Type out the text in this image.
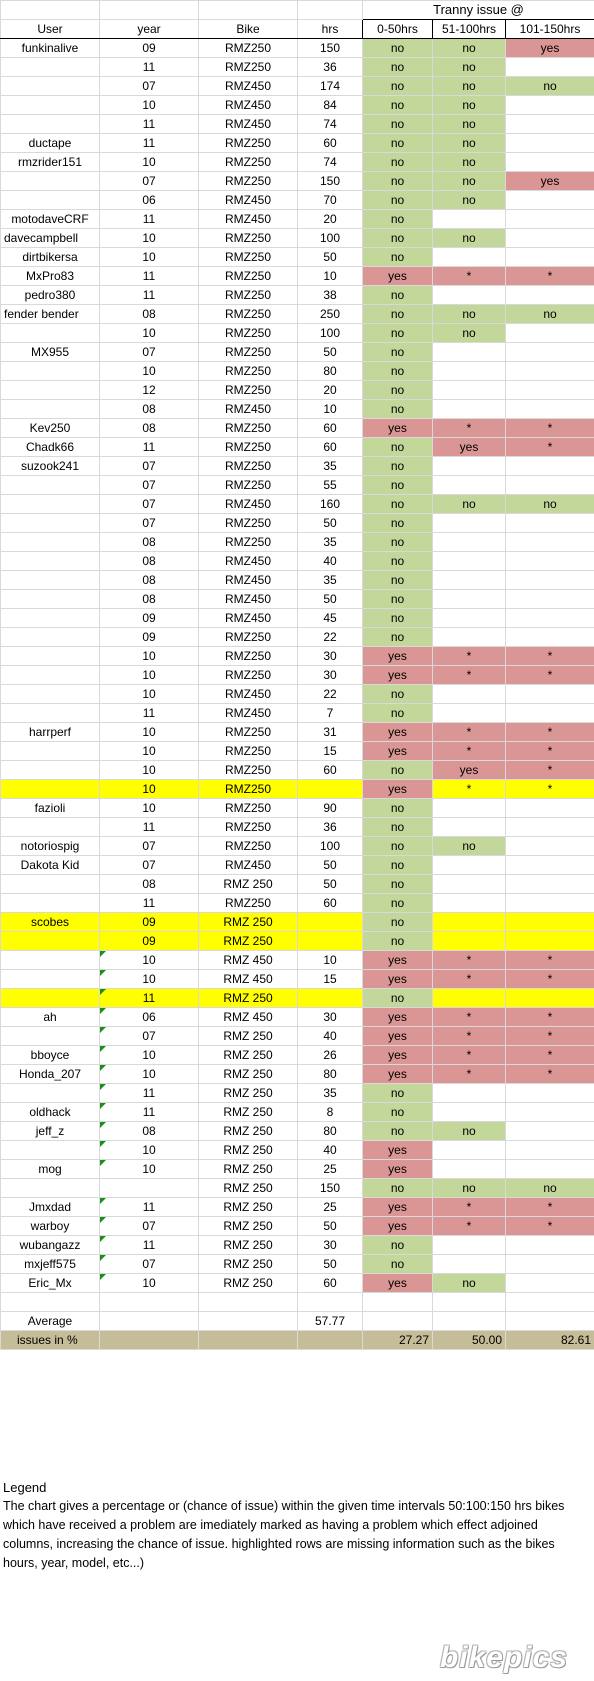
				Tranny issue @		
User	year	Bike	hrs	0-50hrs	51-100hrs	101-150hrs
funkinalive	09	RMZ250	150	no	no	yes
	11	RMZ250	36	no	no	
	07	RMZ450	174	no	no	no
	10	RMZ450	84	no	no	
	11	RMZ450	74	no	no	
ductape	11	RMZ250	60	no	no	
rmzrider151	10	RMZ250	74	no	no	
	07	RMZ250	150	no	no	yes
	06	RMZ450	70	no	no	
motodaveCRF	11	RMZ450	20	no		
davecampbell	10	RMZ250	100	no	no	
dirtbikersa	10	RMZ250	50	no		
MxPro83	11	RMZ250	10	yes	*	*
pedro380	11	RMZ250	38	no		
fender bender	08	RMZ250	250	no	no	no
	10	RMZ250	100	no	no	
MX955	07	RMZ250	50	no		
	10	RMZ250	80	no		
	12	RMZ250	20	no		
	08	RMZ450	10	no		
Kev250	08	RMZ250	60	yes	*	*
Chadk66	11	RMZ250	60	no	yes	*
suzook241	07	RMZ250	35	no		
	07	RMZ250	55	no		
	07	RMZ450	160	no	no	no
	07	RMZ250	50	no		
	08	RMZ250	35	no		
	08	RMZ450	40	no		
	08	RMZ450	35	no		
	08	RMZ450	50	no		
	09	RMZ450	45	no		
	09	RMZ250	22	no		
	10	RMZ250	30	yes	*	*
	10	RMZ250	30	yes	*	*
	10	RMZ450	22	no		
	11	RMZ450	7	no		
harrperf	10	RMZ250	31	yes	*	*
	10	RMZ250	15	yes	*	*
	10	RMZ250	60	no	yes	*
	10	RMZ250		yes	*	*
fazioli	10	RMZ250	90	no		
	11	RMZ250	36	no		
notoriospig	07	RMZ250	100	no	no	
Dakota Kid	07	RMZ450	50	no		
	08	RMZ 250	50	no		
	11	RMZ250	60	no		
scobes	09	RMZ 250		no		
	09	RMZ 250		no		
	10	RMZ 450	10	yes	*	*
	10	RMZ 450	15	yes	*	*
	11	RMZ 250		no		
ah	06	RMZ 450	30	yes	*	*
	07	RMZ 250	40	yes	*	*
bboyce	10	RMZ 250	26	yes	*	*
Honda_207	10	RMZ 250	80	yes	*	*
	11	RMZ 250	35	no		
oldhack	11	RMZ 250	8	no		
jeff_z	08	RMZ 250	80	no	no	
	10	RMZ 250	40	yes		
mog	10	RMZ 250	25	yes		
		RMZ 250	150	no	no	no
Jmxdad	11	RMZ 250	25	yes	*	*
warboy	07	RMZ 250	50	yes	*	*
wubangazz	11	RMZ 250	30	no		
mxjeff575	07	RMZ 250	50	no		
Eric_Mx	10	RMZ 250	60	yes	no	

Average			57.77			
issues in %				27.27	50.00	82.61
Legend
The chart gives a percentage or (chance of issue) within the given time intervals 50:100:150 hrs bikes which have received a problem are imediately marked as having a problem which effect adjoined columns, increasing the chance of issue. highlighted rows are missing information such as the bikes hours, year, model, etc...)
bikepics
